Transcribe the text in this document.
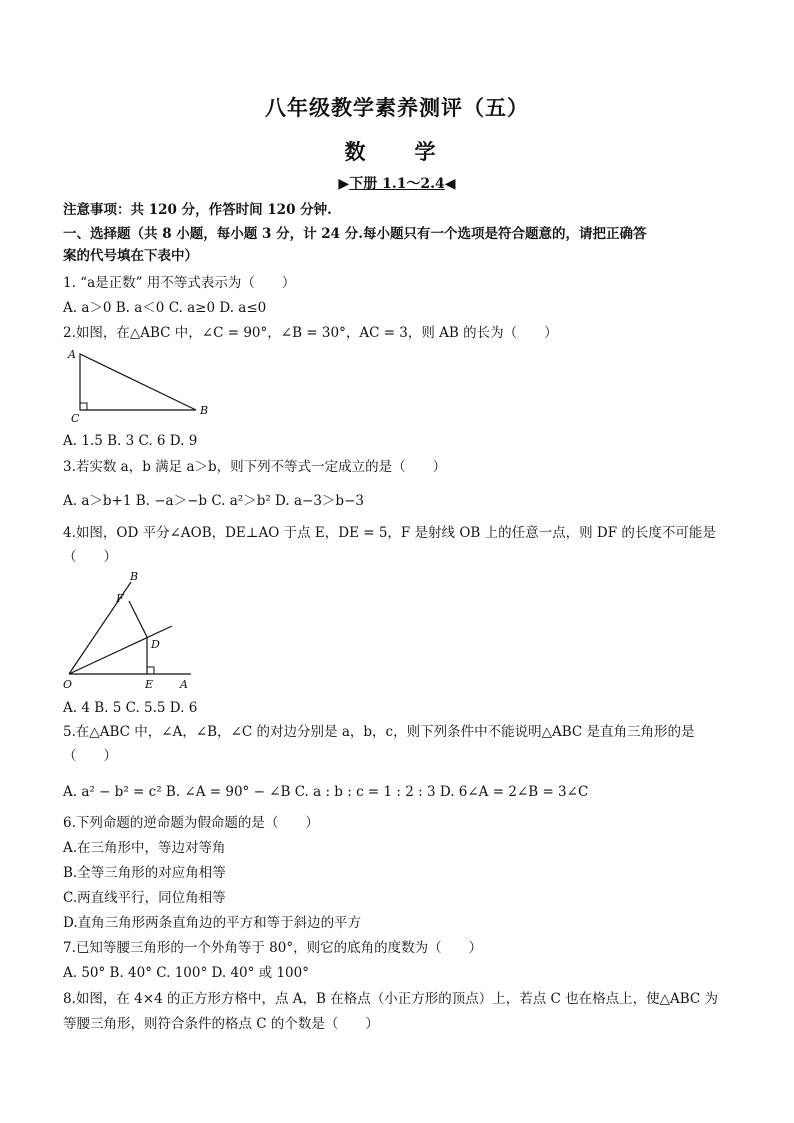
八年级教学素养测评（五）
数　学
▶下册 1.1～2.4◀
注意事项：共 120 分，作答时间 120 分钟.
一、选择题（共 8 小题，每小题 3 分，计 24 分.每小题只有一个选项是符合题意的，请把正确答
案的代号填在下表中）
1. “a是正数” 用不等式表示为（　　）
A. a＞0 B. a＜0 C. a≥0 D. a≤0
2.如图，在△ABC 中，∠C = 90°，∠B = 30°，AC = 3，则 AB 的长为（　　）
A
B
C
A. 1.5 B. 3 C. 6 D. 9
3.若实数 a，b 满足 a＞b，则下列不等式一定成立的是（　　）
A. a＞b+1 B. −a＞−b C. a²＞b² D. a−3＞b−3
4.如图，OD 平分∠AOB，DE⊥AO 于点 E，DE = 5，F 是射线 OB 上的任意一点，则 DF 的长度不可能是
（　　）
B
F
D
O	E A
A. 4 B. 5 C. 5.5 D. 6
5.在△ABC 中，∠A，∠B，∠C 的对边分别是 a，b，c，则下列条件中不能说明△ABC 是直角三角形的是
（　　）
A. a² − b² = c² B. ∠A = 90° − ∠B C. a : b : c = 1 : 2 : 3 D. 6∠A = 2∠B = 3∠C
6.下列命题的逆命题为假命题的是（　　）
A.在三角形中，等边对等角
B.全等三角形的对应角相等
C.两直线平行，同位角相等
D.直角三角形两条直角边的平方和等于斜边的平方
7.已知等腰三角形的一个外角等于 80°，则它的底角的度数为（　　）
A. 50° B. 40° C. 100° D. 40° 或 100°
8.如图，在 4×4 的正方形方格中，点 A，B 在格点（小正方形的顶点）上，若点 C 也在格点上，使△ABC 为
等腰三角形，则符合条件的格点 C 的个数是（　　）
